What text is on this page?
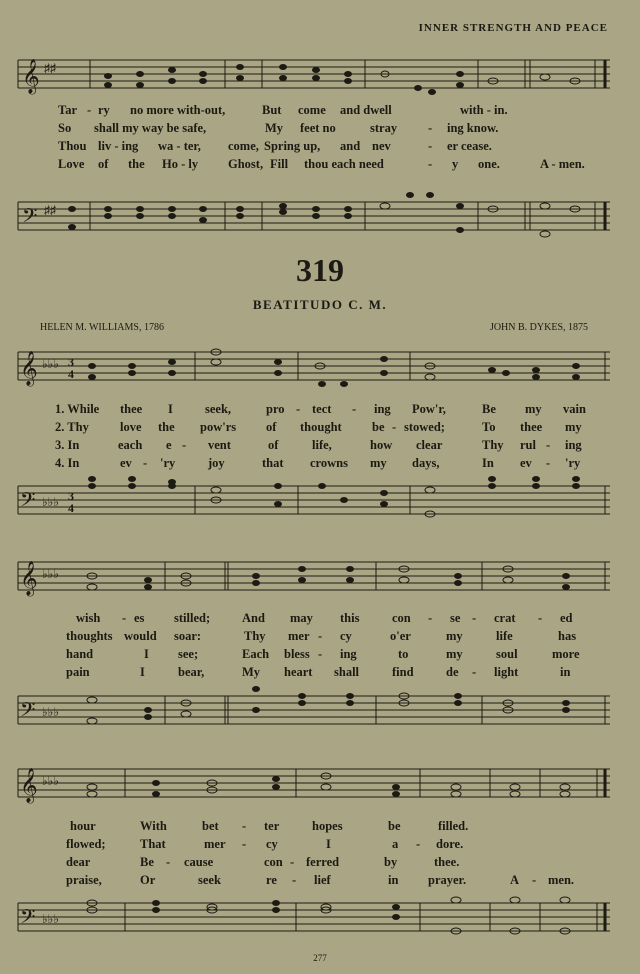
INNER STRENGTH AND PEACE
𝄞 ♯♯
Tar - ry no more with-out,	But come and dwell	with - in.
So shall my way be safe,	My feet no	stray - ing know.
Thou liv - ing wa - ter, come, Spring up, and nev	- er cease.
Love of the Ho - ly Ghost, Fill thou each need	- y one.	A - men.
𝄢 ♯♯
319
BEATITUDO C. M.
HELEN M. WILLIAMS, 1786	JOHN B. DYKES, 1875
𝄞 ♭♭♭ 3
4
1. While thee I	seek,	pro - tect - ing Pow'r,	Be my vain
2. Thy love the pow'rs of thought be - stowed;	To thee my
3. In	each e - vent	of	life,	how clear	Thy rul - ing
4. In	ev - 'ry	joy	that crowns my days,	In ev - 'ry
𝄢 ♭♭♭ 3
4
𝄞 ♭♭♭
wish - es stilled;	And may this	con - se - crat - ed
thoughts would soar:	Thy mer - cy	o'er	my	life	has
hand	I see;	Each bless - ing	to	my	soul	more
pain	I	bear,	My heart shall	find	de - light	in
𝄢 ♭♭♭
𝄞 ♭♭♭
hour	With	bet - ter	hopes	be	filled.
flowed;	That	mer - cy	I	a - dore.
dear	Be - cause	con - ferred	by	thee.
praise,	Or	seek	re - lief	in prayer.	A - men.
𝄢 ♭♭♭
277
